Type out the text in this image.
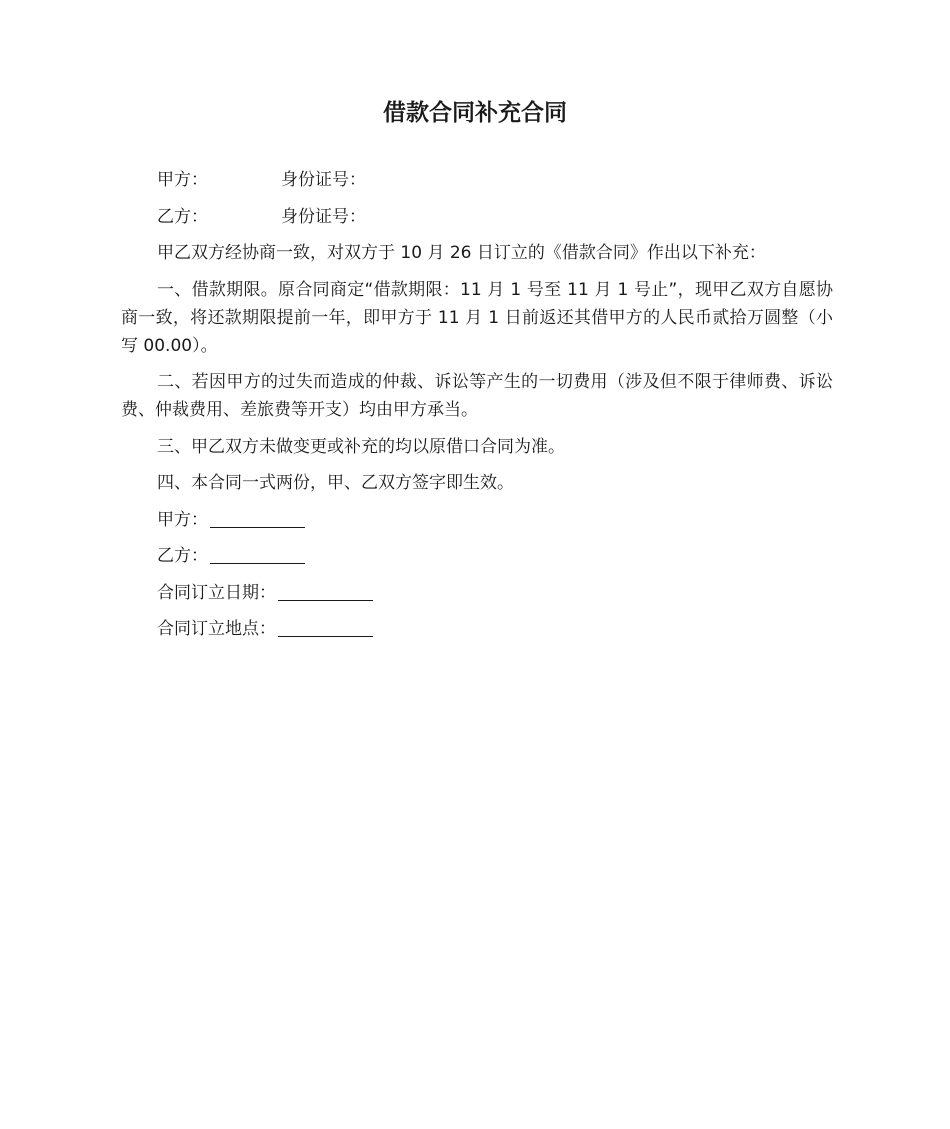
借款合同补充合同

甲方：	身份证号：

乙方：	身份证号：

甲乙双方经协商一致，对双方于 10 月 26 日订立的《借款合同》作出以下补充：

一、借款期限。原合同商定“借款期限：11 月 1 号至 11 月 1 号止”，现甲乙双方自愿协商一致，将还款期限提前一年，即甲方于 11 月 1 日前返还其借甲方的人民币贰拾万圆整（小写 00.00）。

二、若因甲方的过失而造成的仲裁、诉讼等产生的一切费用（涉及但不限于律师费、诉讼费、仲裁费用、差旅费等开支）均由甲方承当。

三、甲乙双方未做变更或补充的均以原借口合同为准。

四、本合同一式两份，甲、乙双方签字即生效。

甲方：

乙方：

合同订立日期：

合同订立地点：
